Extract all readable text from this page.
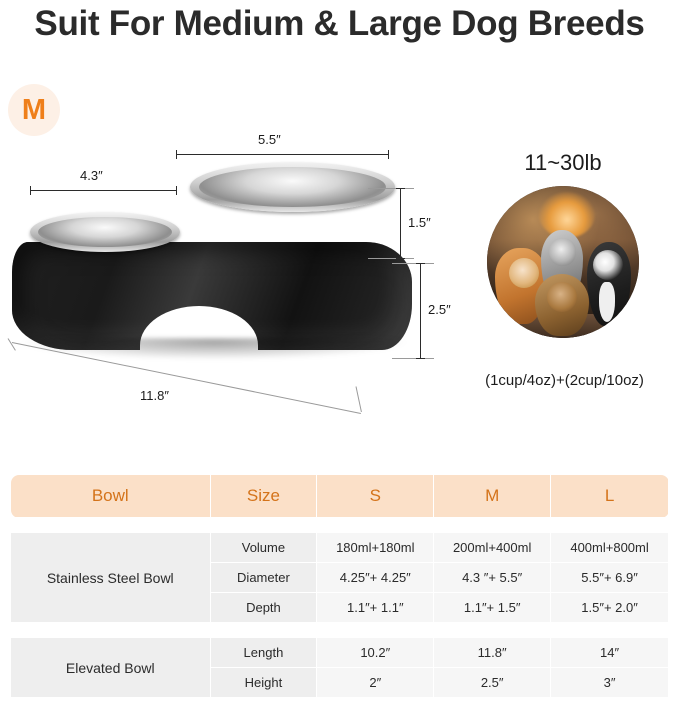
Suit For Medium & Large Dog Breeds
M
5.5″
4.3″
1.5″
2.5″
11.8″
11~30lb
(1cup/4oz)+(2cup/10oz)
Bowl	Size	S	M	L

Stainless Steel Bowl	Volume	180ml+180ml	200ml+400ml	400ml+800ml
	Diameter	4.25″+ 4.25″	4.3 ″+ 5.5″	5.5″+ 6.9″
	Depth	1.1″+ 1.1″	1.1″+ 1.5″	1.5″+ 2.0″

Elevated Bowl	Length	10.2″	11.8″	14″
	Height	2″	2.5″	3″
